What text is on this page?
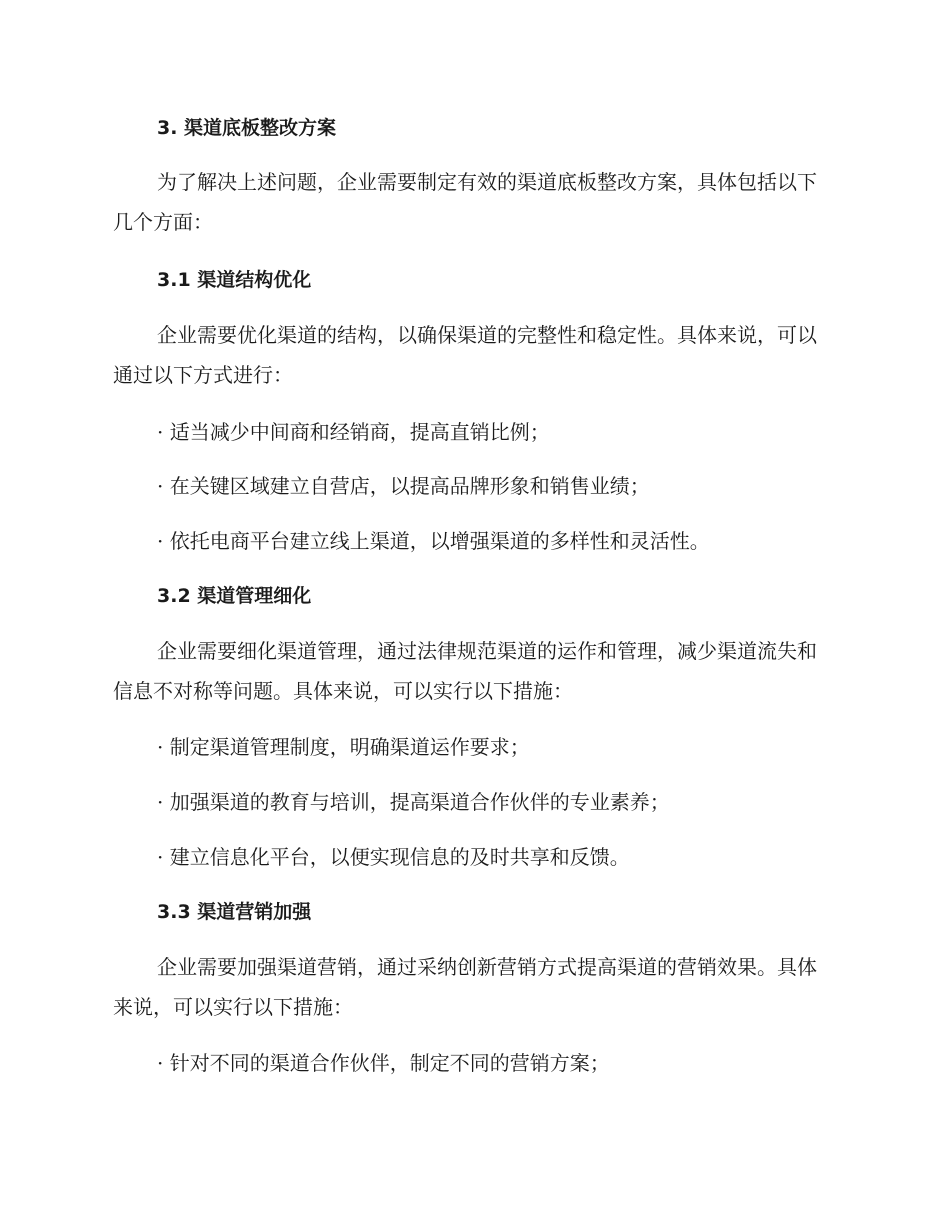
3. 渠道底板整改方案

为了解决上述问题，企业需要制定有效的渠道底板整改方案，具体包括以下几个方面：

3.1 渠道结构优化

企业需要优化渠道的结构，以确保渠道的完整性和稳定性。具体来说，可以通过以下方式进行：

· 适当减少中间商和经销商，提高直销比例；

· 在关键区域建立自营店，以提高品牌形象和销售业绩；

· 依托电商平台建立线上渠道，以增强渠道的多样性和灵活性。

3.2 渠道管理细化

企业需要细化渠道管理，通过法律规范渠道的运作和管理，减少渠道流失和信息不对称等问题。具体来说，可以实行以下措施：

· 制定渠道管理制度，明确渠道运作要求；

· 加强渠道的教育与培训，提高渠道合作伙伴的专业素养；

· 建立信息化平台，以便实现信息的及时共享和反馈。

3.3 渠道营销加强

企业需要加强渠道营销，通过采纳创新营销方式提高渠道的营销效果。具体来说，可以实行以下措施：

· 针对不同的渠道合作伙伴，制定不同的营销方案；
